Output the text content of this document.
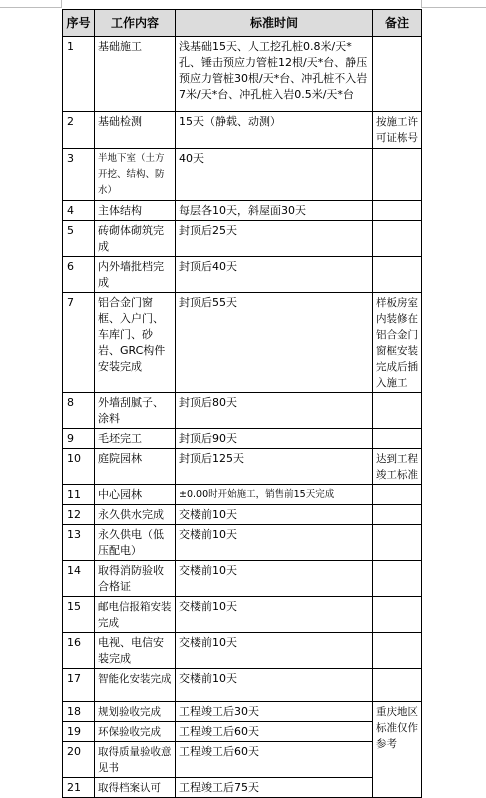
序号	工作内容	标准时间	备注
1	基础施工	浅基础15天、人工挖孔桩0.8米/天*孔、锤击预应力管桩12根/天*台、静压预应力管桩30根/天*台、冲孔桩不入岩7米/天*台、冲孔桩入岩0.5米/天*台	
2	基础检测	15天（静载、动测）	按施工许可证栋号
3	半地下室（土方开挖、结构、防水）	40天	
4	主体结构	每层各10天，斜屋面30天	
5	砖砌体砌筑完成	封顶后25天	
6	内外墙批档完成	封顶后40天	
7	铝合金门窗框、入户门、车库门、砂岩、GRC构件安装完成	封顶后55天	样板房室内装修在铝合金门窗框安装完成后插入施工
8	外墙刮腻子、涂料	封顶后80天	
9	毛坯完工	封顶后90天	
10	庭院园林	封顶后125天	达到工程竣工标准
11	中心园林	±0.00时开始施工，销售前15天完成	
12	永久供水完成	交楼前10天	
13	永久供电（低压配电）	交楼前10天	
14	取得消防验收合格证	交楼前10天	
15	邮电信报箱安装完成	交楼前10天	
16	电视、电信安装完成	交楼前10天	
17	智能化安装完成	交楼前10天	
18	规划验收完成	工程竣工后30天	重庆地区标准仅作参考
19	环保验收完成	工程竣工后60天	
20	取得质量验收意见书	工程竣工后60天	
21	取得档案认可	工程竣工后75天	
